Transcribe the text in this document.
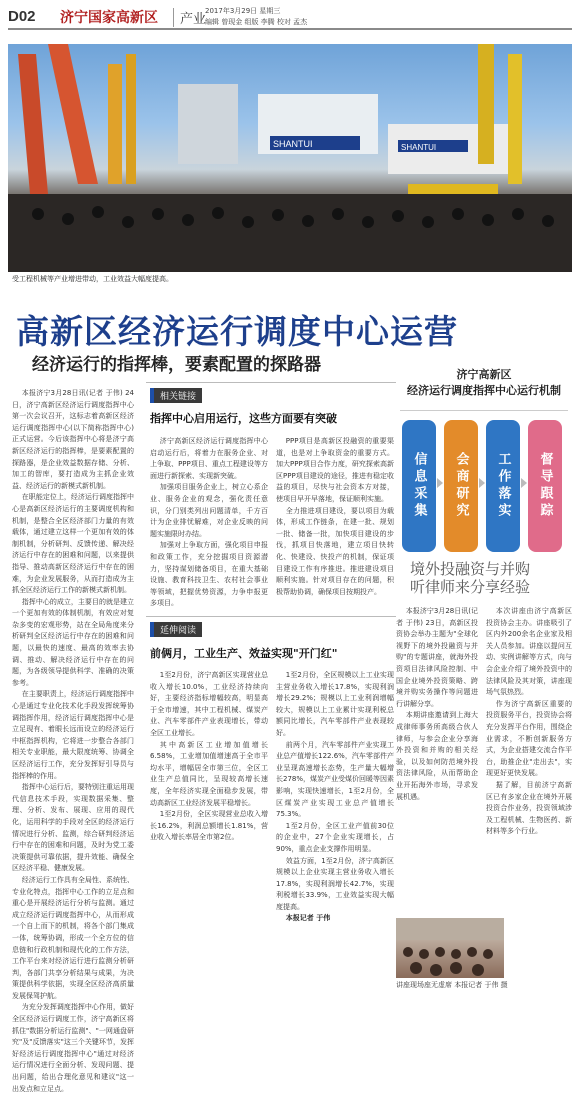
D02 济宁国家高新区	产业
2017年3月29日 星期三
编辑 曾现金 组版 李腾 校对 孟杰
SHANTUI	SHANTUI
受工程机械等产业增进带动，工业效益大幅度提高。
高新区经济运行调度中心运营
经济运行的指挥棒，要素配置的探路器

本报济宁3月28日讯(记者 于伟) 24日，济宁高新区经济运行调度指挥中心第一次会议召开，这标志着高新区经济运行调度指挥中心(以下简称指挥中心)正式运营。今后该指挥中心将是济宁高新区经济运行的指挥棒，是要素配置的探路器，是企业效益数据存储、分析、加工的智库，要打造成为主抓企业效益、经济运行的新模式新机制。

在职能定位上，经济运行调度指挥中心是高新区经济运行的主要调度机构和机制，是整合全区经济部门力量的有效载体，通过建立这样一个更加有效的体制机制，分析研判、反馈传递、解决经济运行中存在的困难和问题，以来提供指导、推动高新区经济运行中存在的困难，为企业发展服务，从而打造成为主抓全区经济运行工作的新模式新机制。

指挥中心的成立，主要目的就是建立一个更加有效的体制机制，有效应对复杂多变的宏观形势，站在全局角度来分析研判全区经济运行中存在的困难和问题，以最快的速度、最高的效率去协调、推动、解决经济运行中存在的问题，为各级领导提供科学、准确的决策参考。

在主要职责上，经济运行调度指挥中心是通过专业化技术化手段发挥统筹协调指挥作用，经济运行调度指挥中心是立足现有、着眼长远而设立的经济运行中枢指挥机构，它将进一步整合各部门相关专业职能，最大限度统筹、协调全区经济运行工作，充分发挥好引导员与指挥棒的作用。

指挥中心运行后，要特别注重运用现代信息技术手段，实现数据采集、整理、分析、发布、展现、应用的现代化，运用科学的手段对全区的经济运行情况进行分析、监测，综合研判经济运行中存在的困难和问题，及时为党工委决策提供可靠依据，提升效能、确保全区经济平稳、健康发展。

经济运行工作具有全局性、系统性、专业化特点，指挥中心工作的立足点和重心是开展经济运行分析与监测。通过成立经济运行调度指挥中心，从而形成一个自上而下的机制，将各个部门集成一体，统筹协调，形成一个全方位的信息链和行政机制和现代化的工作方法，工作平台来对经济运行进行监测分析研判，各部门共享分析结果与成果，为决策提供科学依据，实现全区经济高质量发展保驾护航。

为充分发挥调度指挥中心作用，做好全区经济运行调度工作，济宁高新区将抓住"数据分析运行监测"、"一网通盘研究"及"反馈落实"这三个关键环节，发挥好经济运行调度指挥中心"通过对经济运行情况进行全面分析、发现问题、提出问题，给出合理化意见和建议"这一出发点和立足点。

相关链接
指挥中心启用运行，这些方面要有突破

济宁高新区经济运行调度指挥中心启动运行后，将着力在服务企业、对上争取、PPP项目、重点工程建设等方面进行新探索、实现新突破。

加强项目服务企业上，树立心系企业、服务企业的观念，强化责任意识，分门别类列出问题清单，千方百计为企业排忧解难，对企业反映的问题实施限时办结。

加强对上争取方面，强化项目申报和政策工作，充分挖掘项目资源潜力，坚持谋划储备项目，在重大基础设施、教育科技卫生、农村社会事业等领域，把握优势资源，力争申报更多项目。

PPP项目是高新区投融资的重要渠道，也是对上争取资金的重要方式。加大PPP项目合作力度，研究探索高新区PPP项目建设的途径，推进有稳定收益的项目，尽快与社会资本方对接，使项目早开早落地，保证顺利实施。

全力推进项目建设，要以项目为载体，形成工作链条，在建一批、规划一批、储备一批，加快项目建设的步伐，抓项目快落地，建立项目快转化、快建设、快投产的机制，保证项目建设工作有序推进。推进建设项目顺利实施。针对项目存在的问题，积极帮助协调，确保项目按期投产。

延伸阅读
前俩月，工业生产、效益实现"开门红"

1至2月份，济宁高新区实现营业总收入增长10.0%，工业经济持续向好，主要经济指标增幅较高，明显高于全市增速，其中工程机械、煤炭产业、汽车零部件产业表现增长，带动全区工业增长。

其中高新区工业增加值增长6.58%，工业增加值增速高于全市平均水平，增幅居全市第三位，全区工业生产总值同比，呈现较高增长速度，全年经济实现全面稳步发展，带动高新区工业经济发展平稳增长。

1至2月份，全区实现营业总收入增长16.2%，利润总额增长1.81%，营业收入增长率居全市第2位。

1至2月份，全区规模以上工业实现主营业务收入增长17.8%，实现利润增长29.2%；规模以上工业利润增幅较大，规模以上工业累计实现利税总额同比增长，汽车零部件产业表现较好。

前两个月，汽车零部件产业实现工业总产值增长122.6%，汽车零部件产业呈现高速增长态势，生产量大幅增长278%，煤炭产业受煤价回暖等因素影响，实现快速增长，1至2月份，全区煤炭产业实现工业总产值增长75.3%。

1至2月份，全区工业产值前30位的企业中，27个企业实现增长，占90%，重点企业支撑作用明显。

效益方面，1至2月份，济宁高新区规模以上企业实现主营业务收入增长17.8%，实现利润增长42.7%，实现利税增长33.9%，工业效益实现大幅度提高。

本报记者 于伟

济宁高新区
经济运行调度指挥中心运行机制
信息采集	会商研究	工作落实	督导跟踪
境外投融资与并购
听律师来分享经验

本报济宁3月28日讯(记者 于伟) 23日，高新区投资协会举办主题为"全球化视野下的境外投融资与并购"的专题讲座，就海外投资项目法律风险控制、中国企业境外投资策略、跨境并购实务操作等问题进行讲解分享。

本期讲座邀请到上海大成律师事务所高级合伙人律师，与参会企业分享海外投资和并购的相关经验，以及如何防范境外投资法律风险，从而帮助企业开拓海外市场，寻求发展机遇。

本次讲座由济宁高新区投资协会主办。讲座吸引了区内外200余名企业家及相关人员参加。讲座以提问互动、实例讲解等方式，向与会企业介绍了境外投资中的法律风险及其对策，讲座现场气氛热烈。

作为济宁高新区重要的投资服务平台，投资协会将充分发挥平台作用，围绕企业需求，不断创新服务方式，为企业搭建交流合作平台，助推企业"走出去"，实现更好更快发展。

据了解，目前济宁高新区已有多家企业在境外开展投资合作业务，投资领域涉及工程机械、生物医药、新材料等多个行业。

讲座现场座无虚席 本报记者 于伟 摄
